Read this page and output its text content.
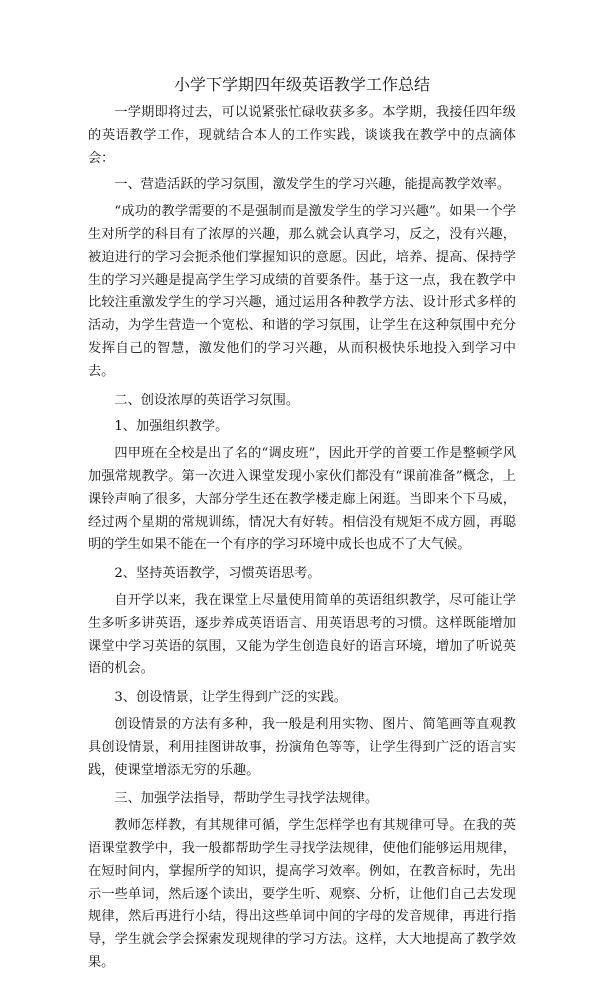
小学下学期四年级英语教学工作总结

一学期即将过去，可以说紧张忙碌收获多多。本学期，我接任四年级的英语教学工作，现就结合本人的工作实践，谈谈我在教学中的点滴体会：

一、营造活跃的学习氛围，激发学生的学习兴趣，能提高教学效率。

“成功的教学需要的不是强制而是激发学生的学习兴趣”。如果一个学生对所学的科目有了浓厚的兴趣，那么就会认真学习，反之，没有兴趣，被迫进行的学习会扼杀他们掌握知识的意愿。因此，培养、提高、保持学生的学习兴趣是提高学生学习成绩的首要条件。基于这一点，我在教学中比较注重激发学生的学习兴趣，通过运用各种教学方法、设计形式多样的活动，为学生营造一个宽松、和谐的学习氛围，让学生在这种氛围中充分发挥自己的智慧，激发他们的学习兴趣，从而积极快乐地投入到学习中去。

二、创设浓厚的英语学习氛围。

1、加强组织教学。

四甲班在全校是出了名的“调皮班”，因此开学的首要工作是整顿学风加强常规教学。第一次进入课堂发现小家伙们都没有“课前准备”概念，上课铃声响了很多，大部分学生还在教学楼走廊上闲逛。当即来个下马威，经过两个星期的常规训练，情况大有好转。相信没有规矩不成方圆，再聪明的学生如果不能在一个有序的学习环境中成长也成不了大气候。

2、坚持英语教学，习惯英语思考。

自开学以来，我在课堂上尽量使用简单的英语组织教学，尽可能让学生多听多讲英语，逐步养成英语语言、用英语思考的习惯。这样既能增加课堂中学习英语的氛围，又能为学生创造良好的语言环境，增加了听说英语的机会。

3、创设情景，让学生得到广泛的实践。

创设情景的方法有多种，我一般是利用实物、图片、简笔画等直观教具创设情景，利用挂图讲故事，扮演角色等等，让学生得到广泛的语言实践，使课堂增添无穷的乐趣。

三、加强学法指导，帮助学生寻找学法规律。

教师怎样教，有其规律可循，学生怎样学也有其规律可导。在我的英语课堂教学中，我一般都帮助学生寻找学法规律，使他们能够运用规律，在短时间内，掌握所学的知识，提高学习效率。例如，在教音标时，先出示一些单词，然后逐个读出，要学生听、观察、分析，让他们自己去发现规律，然后再进行小结，得出这些单词中间的字母的发音规律，再进行指导，学生就会学会探索发现规律的学习方法。这样，大大地提高了教学效果。
